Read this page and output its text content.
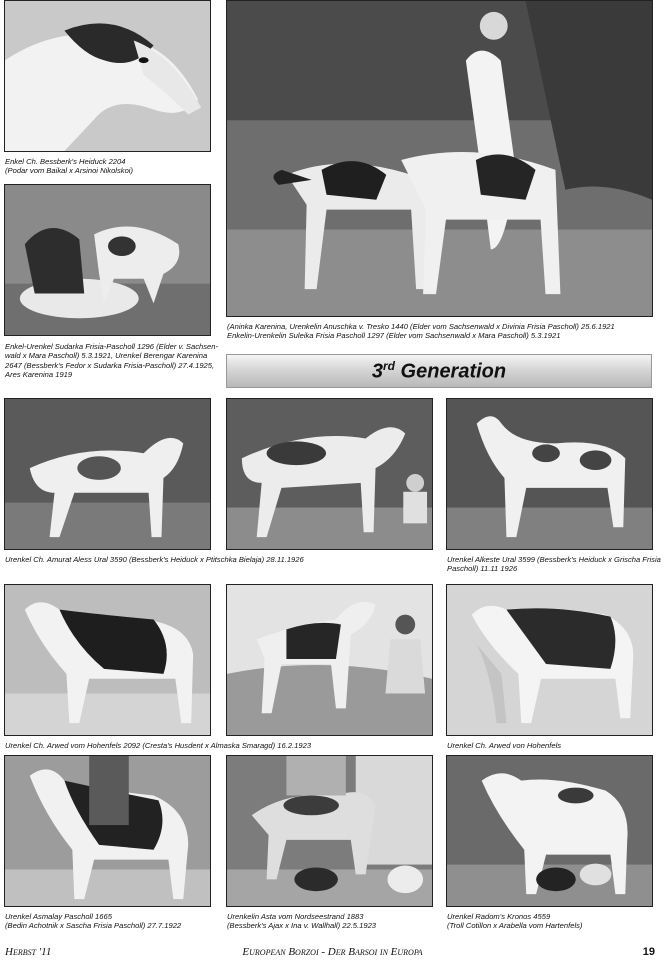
Enkel Ch. Bessberk's Heiduck 2204
(Podar vom Baikal x Arsinoi Nikolskoi)
Enkel-Urenkel Sudarka Frisia-Pascholl 1296 (Elder v. Sachsen-
wald x Mara Pascholl) 5.3.1921, Urenkel Berengar Karenina
2647 (Bessberk's Fedor x Sudarka Frisia-Pascholl) 27.4.1925,
Ares Karenina 1919
(Aninka Karenina, Urenkelin Anuschka v. Tresko 1440 (Elder vom Sachsenwald x Divinia Frisia Pascholl) 25.6.1921
Enkelin-Urenkelin Suleika Frisia Pascholl 1297 (Elder vom Sachsenwald x Mara Pascholl) 5.3.1921
3rd Generation
Urenkel Ch. Amurat Aless Ural 3590 (Bessberk's Heiduck x Ptitschka Bielaja) 28.11.1926	Urenkel Alkeste Ural 3599 (Bessberk's Heiduck x Grischa Frisia
Pascholl) 11.11 1926
Urenkel Ch. Arwed vom Hohenfels 2092 (Cresta's Husdent x Almaska Smaragd) 16.2.1923	Urenkel Ch. Arwed von Hohenfels
Urenkel Asmalay Pascholl 1665
(Bedin Achotnik x Sascha Frisia Pascholl) 27.7.1922
Urenkelin Asta vom Nordseestrand 1883
(Bessberk's Ajax x Ina v. Wallhall) 22.5.1923
Urenkel Radom's Kronos 4559
(Troll Cotillon x Arabella vom Hartenfels)
Herbst '11	European Borzoi - Der Barsoi in Europa	19
